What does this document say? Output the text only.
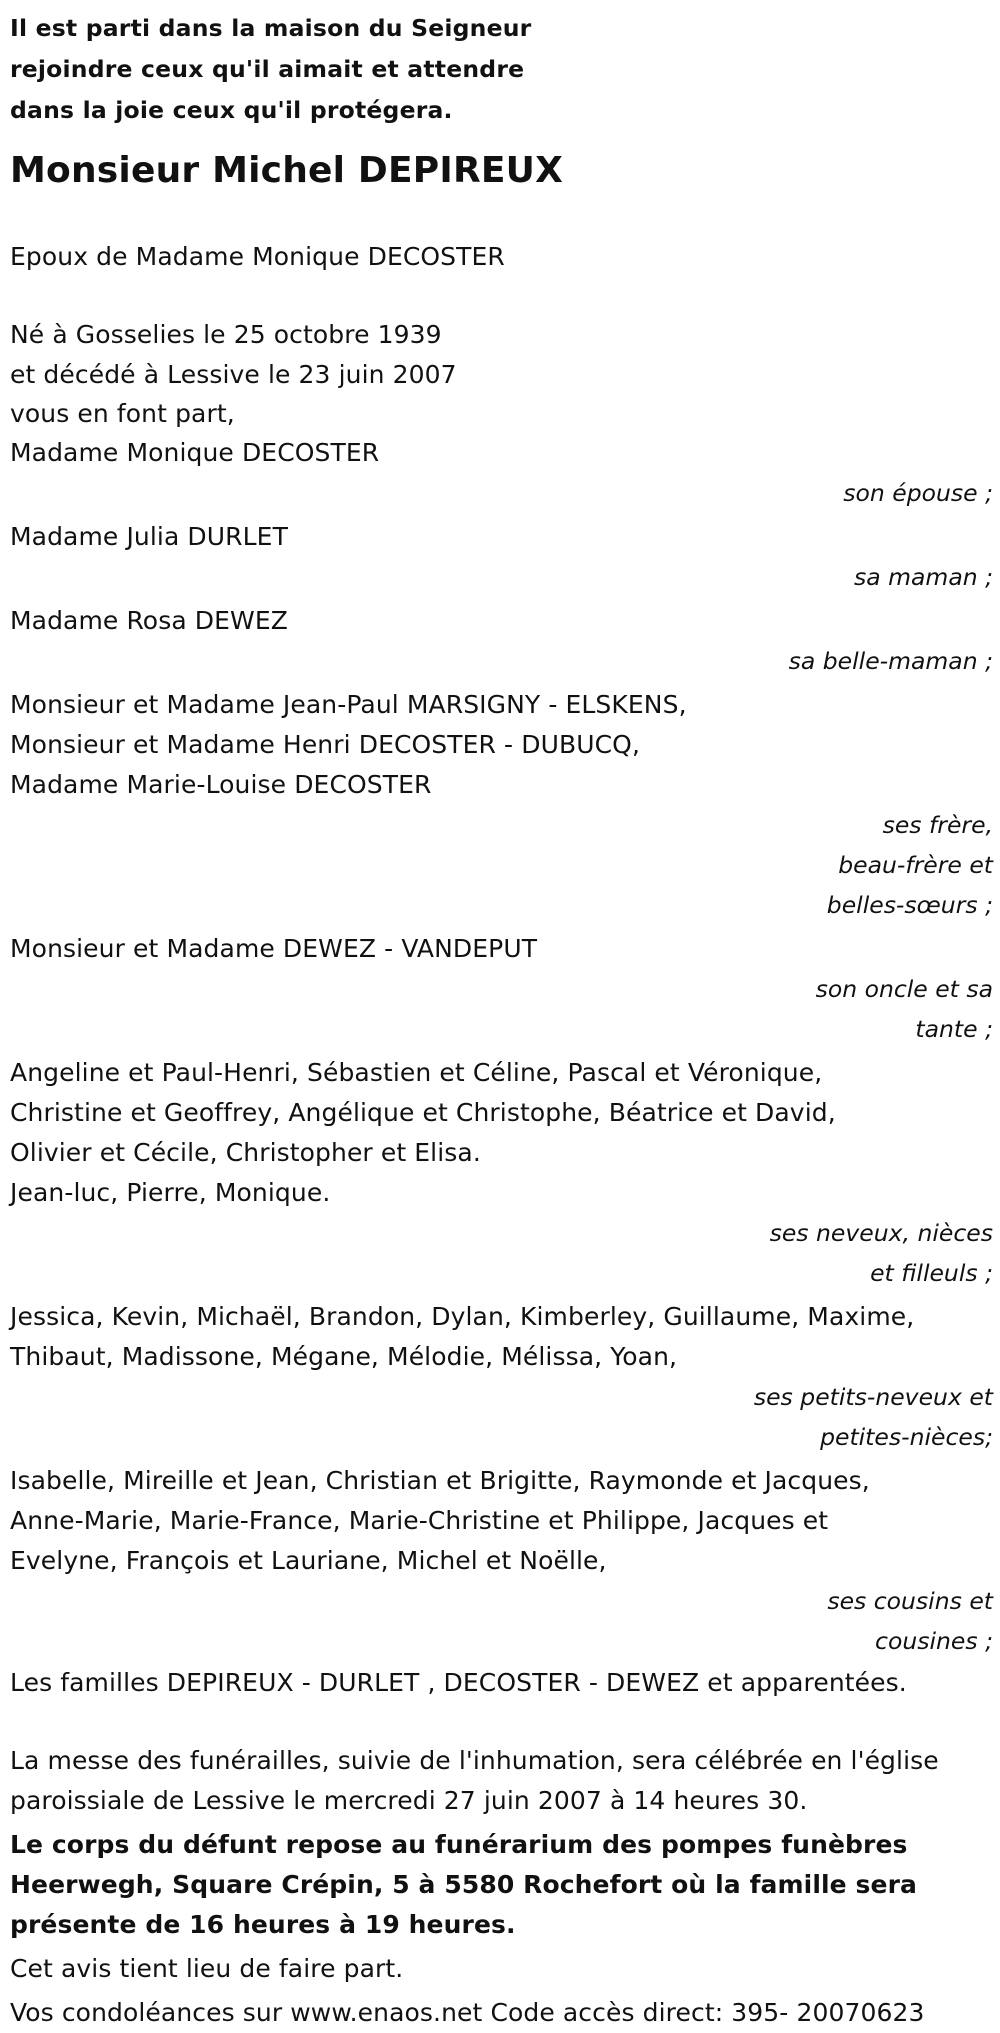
Il est parti dans la maison du Seigneur
rejoindre ceux qu'il aimait et attendre
dans la joie ceux qu'il protégera.
Monsieur Michel DEPIREUX
Epoux de Madame Monique DECOSTER
Né à Gosselies le 25 octobre 1939
et décédé à Lessive le 23 juin 2007
vous en font part,
Madame Monique DECOSTER
son épouse ;
Madame Julia DURLET
sa maman ;
Madame Rosa DEWEZ
sa belle-maman ;
Monsieur et Madame Jean-Paul MARSIGNY - ELSKENS,
Monsieur et Madame Henri DECOSTER - DUBUCQ,
Madame Marie-Louise DECOSTER
ses frère,
beau-frère et
belles-sœurs ;
Monsieur et Madame DEWEZ - VANDEPUT
son oncle et sa
tante ;
Angeline et Paul-Henri, Sébastien et Céline, Pascal et Véronique,
Christine et Geoffrey, Angélique et Christophe, Béatrice et David,
Olivier et Cécile, Christopher et Elisa.
Jean-luc, Pierre, Monique.
ses neveux, nièces
et filleuls ;
Jessica, Kevin, Michaël, Brandon, Dylan, Kimberley, Guillaume, Maxime,
Thibaut, Madissone, Mégane, Mélodie, Mélissa, Yoan,
ses petits-neveux et
petites-nièces;
Isabelle, Mireille et Jean, Christian et Brigitte, Raymonde et Jacques,
Anne-Marie, Marie-France, Marie-Christine et Philippe, Jacques et
Evelyne, François et Lauriane, Michel et Noëlle,
ses cousins et
cousines ;
Les familles DEPIREUX - DURLET , DECOSTER - DEWEZ et apparentées.
La messe des funérailles, suivie de l'inhumation, sera célébrée en l'église
paroissiale de Lessive le mercredi 27 juin 2007 à 14 heures 30.
Le corps du défunt repose au funérarium des pompes funèbres
Heerwegh, Square Crépin, 5 à 5580 Rochefort où la famille sera
présente de 16 heures à 19 heures.
Cet avis tient lieu de faire part.
Vos condoléances sur www.enaos.net Code accès direct: 395- 20070623
